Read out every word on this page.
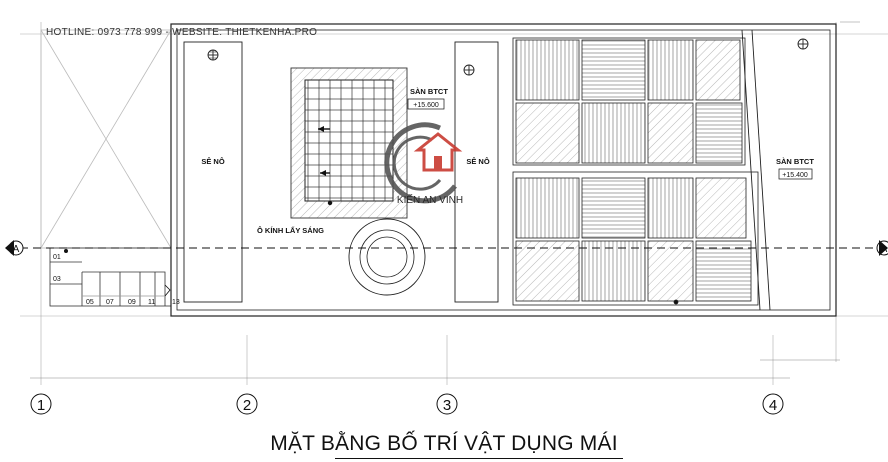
KIẾN AN VINH
A	A
1	2	3	4
SÊ NÔ	SÊ NÔ
SÀN BTCT
+15.600
SÀN BTCT
+15.400
Ô KÍNH LẤY SÁNG
01
03
05 07 09 11 13
HOTLINE: 0973 778 999 - WEBSITE: THIETKENHA.PRO
MẶT BẰNG BỐ TRÍ VẬT DỤNG MÁI
